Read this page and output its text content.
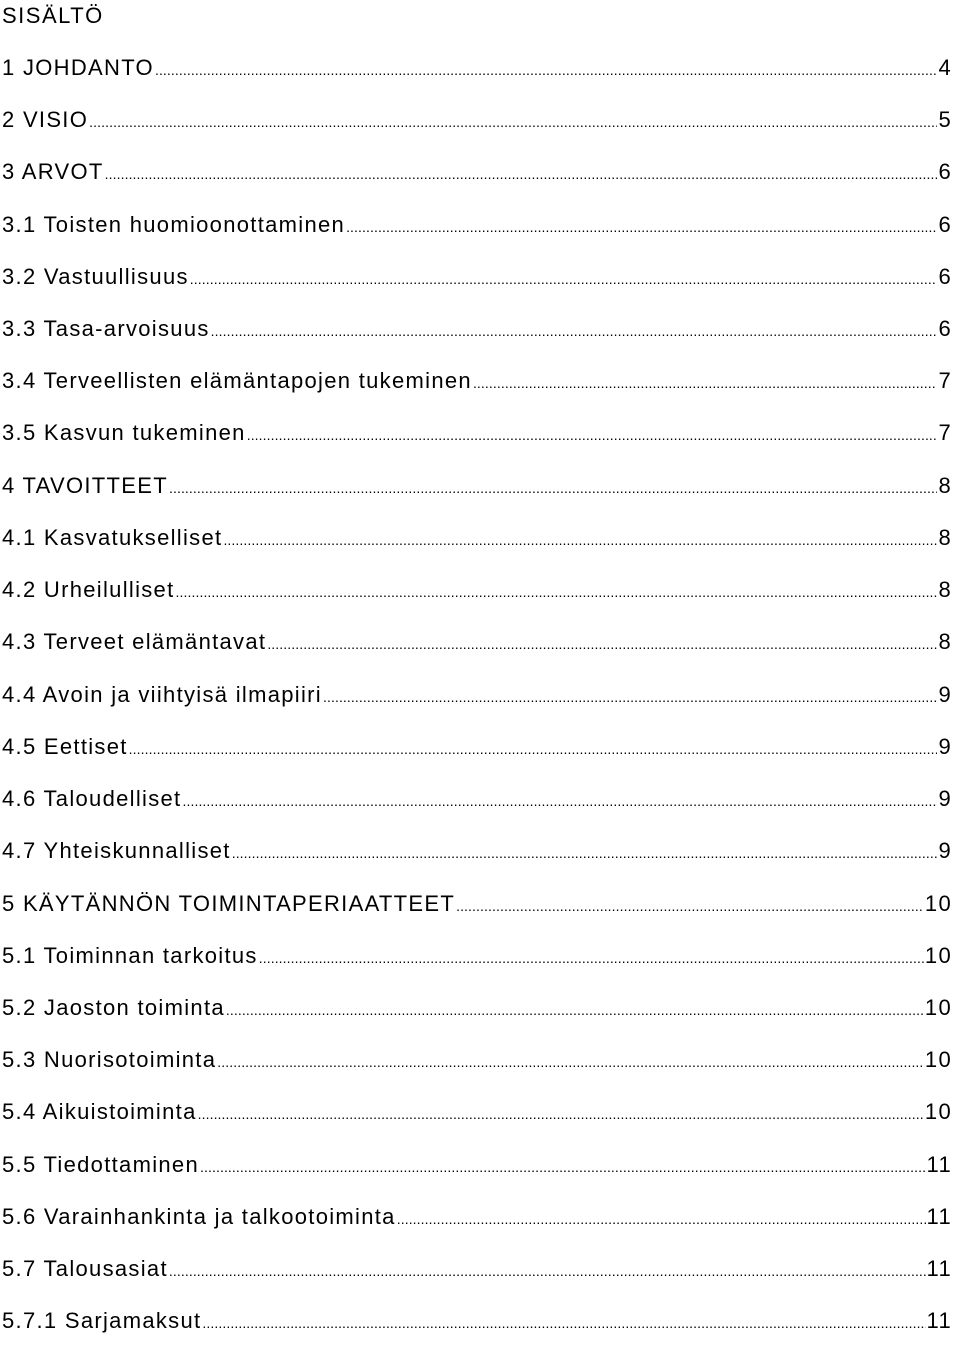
SISÄLTÖ
1 JOHDANTO .....	4
2 VISIO .....	5
3 ARVOT .....	6
3.1 Toisten huomioonottaminen .....	6
3.2 Vastuullisuus .....	6
3.3 Tasa-arvoisuus .....	6
3.4 Terveellisten elämäntapojen tukeminen .....	7
3.5 Kasvun tukeminen .....	7
4 TAVOITTEET .....	8
4.1 Kasvatukselliset .....	8
4.2 Urheilulliset .....	8
4.3 Terveet elämäntavat .....	8
4.4 Avoin ja viihtyisä ilmapiiri .....	9
4.5 Eettiset .....	9
4.6 Taloudelliset .....	9
4.7 Yhteiskunnalliset .....	9
5 KÄYTÄNNÖN TOIMINTAPERIAATTEET .....	10
5.1 Toiminnan tarkoitus .....	10
5.2 Jaoston toiminta .....	10
5.3 Nuorisotoiminta .....	10
5.4 Aikuistoiminta .....	10
5.5 Tiedottaminen .....	11
5.6 Varainhankinta ja talkootoiminta .....	11
5.7 Talousasiat .....	11
5.7.1 Sarjamaksut .....	11
